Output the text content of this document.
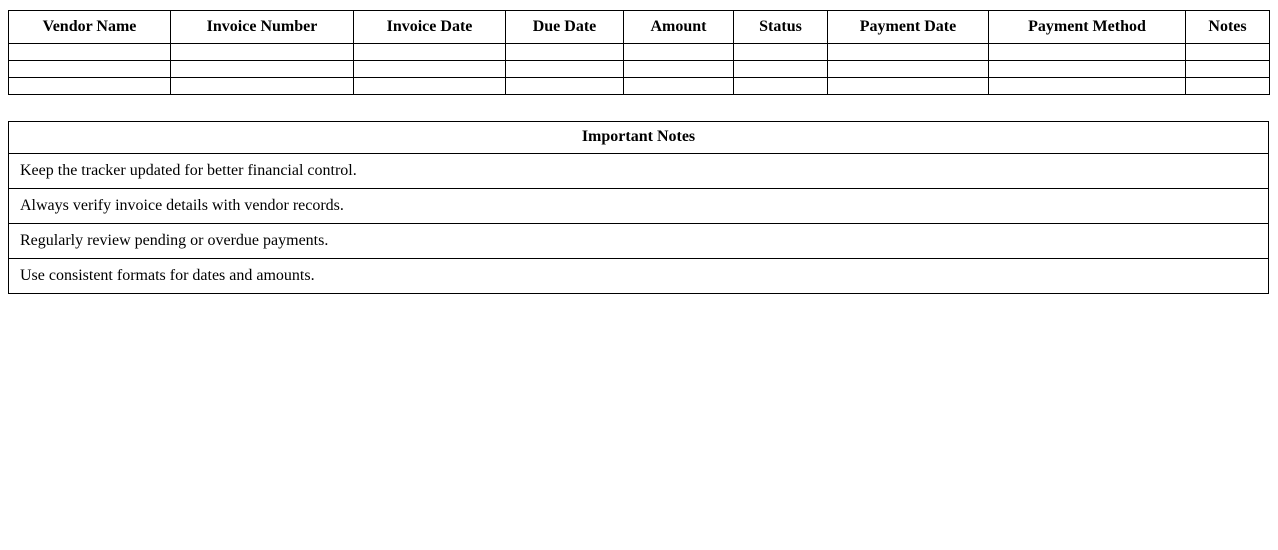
Vendor Name	Invoice Number	Invoice Date	Due Date	Amount	Status	Payment Date	Payment Method	Notes

Important Notes
Keep the tracker updated for better financial control.
Always verify invoice details with vendor records.
Regularly review pending or overdue payments.
Use consistent formats for dates and amounts.
